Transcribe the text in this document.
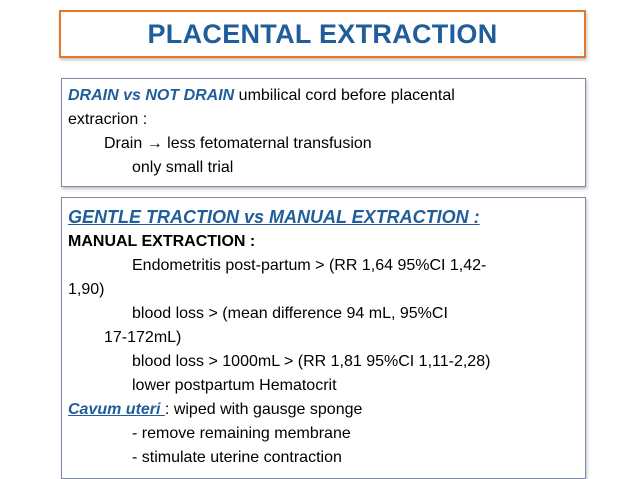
PLACENTAL EXTRACTION
DRAIN vs NOT DRAIN umbilical cord before placental
extracrion :
Drain → less fetomaternal transfusion
only small trial
GENTLE TRACTION vs MANUAL EXTRACTION :
MANUAL EXTRACTION :
Endometritis post-partum > (RR 1,64 95%CI 1,42-
1,90)
blood loss > (mean difference 94 mL, 95%CI
17-172mL)
blood loss > 1000mL > (RR 1,81 95%CI 1,11-2,28)
lower postpartum Hematocrit
Cavum uteri : wiped with gausge sponge
- remove remaining membrane
- stimulate uterine contraction
